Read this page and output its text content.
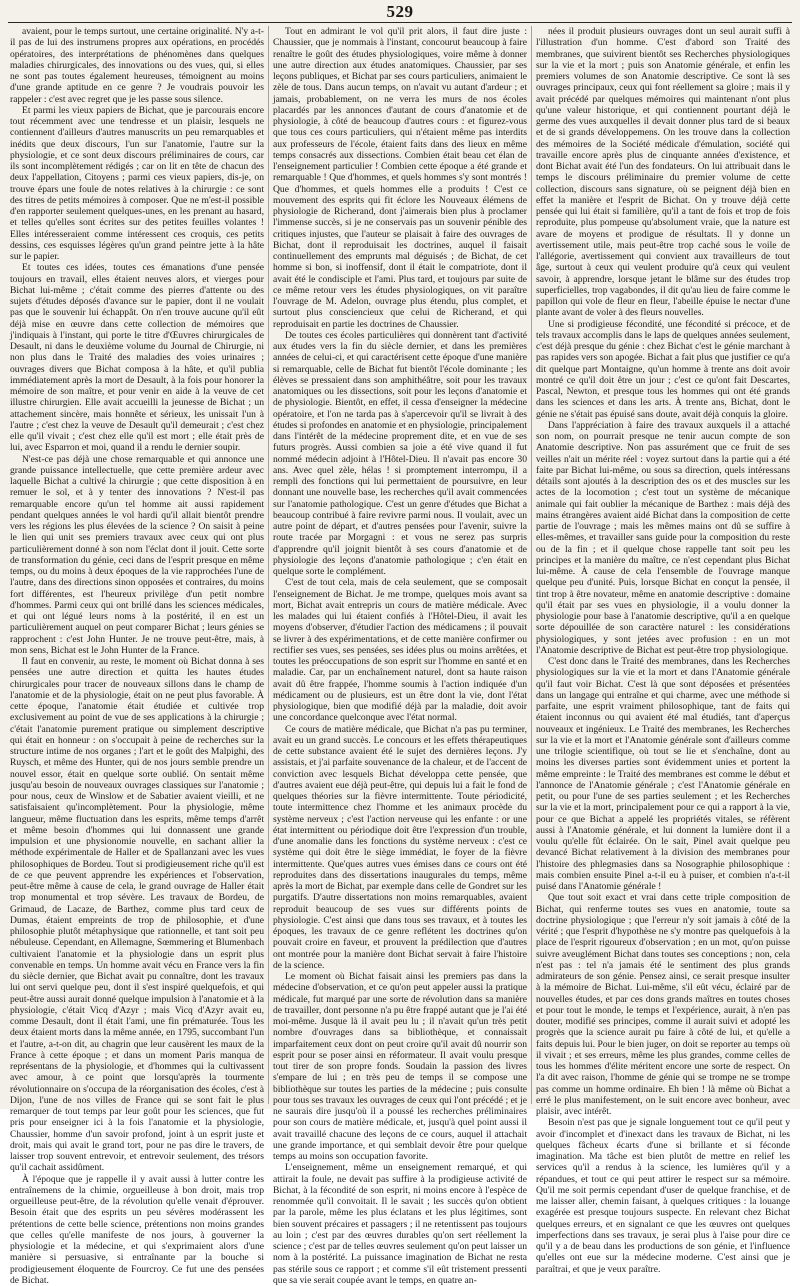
529

avaient, pour le temps surtout, une certaine originalité. N'y a-t-il pas de lui des instrumens propres aux opérations, en procédés opératoires, des interprétations de phénomènes dans quelques maladies chirurgicales, des innovations ou des vues, qui, si elles ne sont pas toutes également heureuses, témoignent au moins d'une grande aptitude en ce genre ? Je voudrais pouvoir les rappeler : c'est avec regret que je les passe sous silence.

Et parmi les vieux papiers de Bichat, que je parcourais encore tout récemment avec une tendresse et un plaisir, lesquels ne contiennent d'ailleurs d'autres manuscrits un peu remarquables et inédits que deux discours, l'un sur l'anatomie, l'autre sur la physiologie, et ce sont deux discours préliminaires de cours, car ils sont incomplètement rédigés ; car on lit en tête de chacun des deux l'appellation, Citoyens ; parmi ces vieux papiers, dis-je, on trouve épars une foule de notes relatives à la chirurgie : ce sont des titres de petits mémoires à composer. Que ne m'est-il possible d'en rapporter seulement quelques-unes, en les prenant au hasard, et telles qu'elles sont écrites sur des petites feuilles volantes ! Elles intéresseraient comme intéressent ces croquis, ces petits dessins, ces esquisses légères qu'un grand peintre jette à la hâte sur le papier.

Et toutes ces idées, toutes ces émanations d'une pensée toujours en travail, elles étaient neuves alors, et vierges pour Bichat lui-même ; c'était comme des pierres d'attente ou des sujets d'études déposés d'avance sur le papier, dont il ne voulait pas que le souvenir lui échappât. On n'en trouve aucune qu'il eût déjà mise en œuvre dans cette collection de mémoires que j'indiquais à l'instant, qui porte le titre d'Œuvres chirurgicales de Desault, ni dans le deuxième volume du Journal de Chirurgie, ni non plus dans le Traité des maladies des voies urinaires ; ouvrages divers que Bichat composa à la hâte, et qu'il publia immédiatement après la mort de Desault, à la fois pour honorer la mémoire de son maître, et pour venir en aide à la veuve de cet illustre chirurgien. Elle avait accueilli la jeunesse de Bichat ; un attachement sincère, mais honnête et sérieux, les unissait l'un à l'autre ; c'est chez la veuve de Desault qu'il demeurait ; c'est chez elle qu'il vivait ; c'est chez elle qu'il est mort ; elle était près de lui, avec Esparron et moi, quand il a rendu le dernier soupir.

N'est-ce pas déjà une chose remarquable et qui annonce une grande puissance intellectuelle, que cette première ardeur avec laquelle Bichat a cultivé la chirurgie ; que cette disposition à en remuer le sol, et à y tenter des innovations ? N'est-il pas remarquable encore qu'un tel homme ait aussi rapidement pendant quelques années le vol hardi qu'il allait bientôt prendre vers les régions les plus élevées de la science ? On saisit à peine le lien qui unit ses premiers travaux avec ceux qui ont plus particulièrement donné à son nom l'éclat dont il jouit. Cette sorte de transformation du génie, ceci dans de l'esprit presque en même temps, ou du moins à deux époques de la vie rapprochées l'une de l'autre, dans des directions sinon opposées et contraires, du moins fort différentes, est l'heureux privilège d'un petit nombre d'hommes. Parmi ceux qui ont brillé dans les sciences médicales, et qui ont légué leurs noms à la postérité, il en est un particulièrement auquel on peut comparer Bichat ; leurs génies se rapprochent : c'est John Hunter. Je ne trouve peut-être, mais, à mon sens, Bichat est le John Hunter de la France.

Il faut en convenir, au reste, le moment où Bichat donna à ses pensées une autre direction et quitta les hautes études chirurgicales pour tracer de nouveaux sillons dans le champ de l'anatomie et de la physiologie, était on ne peut plus favorable. À cette époque, l'anatomie était étudiée et cultivée trop exclusivement au point de vue de ses applications à la chirurgie ; c'était l'anatomie purement pratique ou simplement descriptive qui était en honneur : on s'occupait à peine de recherches sur la structure intime de nos organes ; l'art et le goût des Malpighi, des Ruysch, et même des Hunter, qui de nos jours semble prendre un nouvel essor, était en quelque sorte oublié. On sentait même jusqu'au besoin de nouveaux ouvrages classiques sur l'anatomie ; pour nous, ceux de Winslow et de Sabatier avaient vieilli, et ne satisfaisaient qu'incomplètement. Pour la physiologie, même langueur, même fluctuation dans les esprits, même temps d'arrêt et même besoin d'hommes qui lui donnassent une grande impulsion et une physionomie nouvelle, en sachant allier la méthode expérimentale de Haller et de Spallanzani avec les vues philosophiques de Bordeu. Tout si prodigieusement riche qu'il est de ce que peuvent apprendre les expériences et l'observation, peut-être même à cause de cela, le grand ouvrage de Haller était trop monumental et trop sévère. Les travaux de Bordeu, de Grimaud, de Lacaze, de Barthez, comme plus tard ceux de Dumas, étaient empreints de trop de philosophie, et d'une philosophie plutôt métaphysique que rationnelle, et tant soit peu nébuleuse. Cependant, en Allemagne, Sœmmering et Blumenbach cultivaient l'anatomie et la physiologie dans un esprit plus convenable en temps. Un homme avait vécu en France vers la fin du siècle dernier, que Bichat avait pu connaître, dont les travaux lui ont servi quelque peu, dont il s'est inspiré quelquefois, et qui peut-être aussi aurait donné quelque impulsion à l'anatomie et à la physiologie, c'était Vicq d'Azyr ; mais Vicq d'Azyr avait eu, comme Desault, dont il était l'ami, une fin prématurée. Tous les deux étaient morts dans la même année, en 1795, succombant l'un et l'autre, a-t-on dit, au chagrin que leur causèrent les maux de la France à cette époque ; et dans un moment Paris manqua de représentans de la physiologie, et d'hommes qui la cultivassent avec amour, à ce point que lorsqu'après la tourmente révolutionnaire on s'occupa de la réorganisation des écoles, c'est à Dijon, l'une de nos villes de France qui se sont fait le plus remarquer de tout temps par leur goût pour les sciences, que fut pris pour enseigner ici à la fois l'anatomie et la physiologie, Chaussier, homme d'un savoir profond, joint à un esprit juste et droit, mais qui avait le grand tort, pour ne pas dire le travers, de laisser trop souvent entrevoir, et entrevoir seulement, des trésors qu'il cachait assidûment.

À l'époque que je rappelle il y avait aussi à lutter contre les entraînemens de la chimie, orgueilleuse à bon droit, mais trop orgueilleuse peut-être, de la révolution qu'elle venait d'éprouver. Besoin était que des esprits un peu sévères modérassent les prétentions de cette belle science, prétentions non moins grandes que celles qu'elle manifeste de nos jours, à gouverner la physiologie et la médecine, et qui s'exprimaient alors d'une manière si persuasive, si entraînante par la bouche si prodigieusement éloquente de Fourcroy. Ce fut une des pensées de Bichat.

Tout en admirant le vol qu'il prit alors, il faut dire juste : Chaussier, que je nommais à l'instant, concourut beaucoup à faire renaître le goût des études physiologiques, voire même à donner une autre direction aux études anatomiques. Chaussier, par ses leçons publiques, et Bichat par ses cours particuliers, animaient le zèle de tous. Dans aucun temps, on n'avait vu autant d'ardeur ; et jamais, probablement, on ne verra les murs de nos écoles placardés par les annonces d'autant de cours d'anatomie et de physiologie, à côté de beaucoup d'autres cours : et figurez-vous que tous ces cours particuliers, qui n'étaient même pas interdits aux professeurs de l'école, étaient faits dans des lieux en même temps consacrés aux dissections. Combien était beau cet élan de l'enseignement particulier ! Combien cette époque a été grande et remarquable ! Que d'hommes, et quels hommes s'y sont montrés ! Que d'hommes, et quels hommes elle a produits ! C'est ce mouvement des esprits qui fit éclore les Nouveaux élémens de physiologie de Richerand, dont j'aimerais bien plus à proclamer l'immense succès, si je ne conservais pas un souvenir pénible des critiques injustes, que l'auteur se plaisait à faire des ouvrages de Bichat, dont il reproduisait les doctrines, auquel il faisait continuellement des emprunts mal déguisés ; de Bichat, de cet homme si bon, si inoffensif, dont il était le compatriote, dont il avait été le condisciple et l'ami. Plus tard, et toujours par suite de ce même retour vers les études physiologiques, on vit paraître l'ouvrage de M. Adelon, ouvrage plus étendu, plus complet, et surtout plus consciencieux que celui de Richerand, et qui reproduisait en partie les doctrines de Chaussier.

De toutes ces écoles particulières qui donnèrent tant d'activité aux études vers la fin du siècle dernier, et dans les premières années de celui-ci, et qui caractérisent cette époque d'une manière si remarquable, celle de Bichat fut bientôt l'école dominante ; les élèves se pressaient dans son amphithéâtre, soit pour les travaux anatomiques ou les dissections, soit pour les leçons d'anatomie et de physiologie. Bientôt, en effet, il cessa d'enseigner la médecine opératoire, et l'on ne tarda pas à s'apercevoir qu'il se livrait à des études si profondes en anatomie et en physiologie, principalement dans l'intérêt de la médecine proprement dite, et en vue de ses futurs progrès. Aussi combien sa joie a été vive quand il fut nommé médecin adjoint à l'Hôtel-Dieu. Il n'avait pas encore 30 ans. Avec quel zèle, hélas ! si promptement interrompu, il a rempli des fonctions qui lui permettaient de poursuivre, en leur donnant une nouvelle base, les recherches qu'il avait commencées sur l'anatomie pathologique. C'est un genre d'études que Bichat a beaucoup contribué à faire revivre parmi nous. Il voulait, avec un autre point de départ, et d'autres pensées pour l'avenir, suivre la route tracée par Morgagni : et vous ne serez pas surpris d'apprendre qu'il joignit bientôt à ses cours d'anatomie et de physiologie des leçons d'anatomie pathologique ; c'en était en quelque sorte le complément.

C'est de tout cela, mais de cela seulement, que se composait l'enseignement de Bichat. Je me trompe, quelques mois avant sa mort, Bichat avait entrepris un cours de matière médicale. Avec les malades qui lui étaient confiés à l'Hôtel-Dieu, il avait les moyens d'observer, d'étudier l'action des médicamens ; il pouvait se livrer à des expérimentations, et de cette manière confirmer ou rectifier ses vues, ses pensées, ses idées plus ou moins arrêtées, et toutes les préoccupations de son esprit sur l'homme en santé et en maladie. Car, par un enchaînement naturel, dont sa haute raison avait dû être frappée, l'homme soumis à l'action indiquée d'un médicament ou de plusieurs, est un être dont la vie, dont l'état physiologique, bien que modifié déjà par la maladie, doit avoir une concordance quelconque avec l'état normal.

Ce cours de matière médicale, que Bichat n'a pas pu terminer, avait eu un grand succès. Le concours et les effets thérapeutiques de cette substance avaient été le sujet des dernières leçons. J'y assistais, et j'ai parfaite souvenance de la chaleur, et de l'accent de conviction avec lesquels Bichat développa cette pensée, que d'autres avaient eue déjà peut-être, qui depuis lui a fait le fond de quelques théories sur la fièvre intermittente. Toute périodicité, toute intermittence chez l'homme et les animaux procède du système nerveux ; c'est l'action nerveuse qui les enfante : or une état intermittent ou périodique doit être l'expression d'un trouble, d'une anomalie dans les fonctions du système nerveux : c'est ce système qui doit être le siège immédiat, le foyer de la fièvre intermittente. Que'ques autres vues émises dans ce cours ont été reproduites dans des dissertations inaugurales du temps, même après la mort de Bichat, par exemple dans celle de Gondret sur les purgatifs. D'autre dissertations non moins remarquables, avaient reproduit beaucoup de ses vues sur différents points de physiologie. C'est ainsi que dans tous ses travaux, et à toutes les époques, les travaux de ce genre reflétent les doctrines qu'on pouvait croire en faveur, et prouvent la prédilection que d'autres ont montrée pour la manière dont Bichat servait à faire l'histoire de la science.

Le moment où Bichat faisait ainsi les premiers pas dans la médecine d'observation, et ce qu'on peut appeler aussi la pratique médicale, fut marqué par une sorte de révolution dans sa manière de travailler, dont personne n'a pu être frappé autant que je l'ai été moi-même. Jusque là il avait peu lu ; il n'avait qu'un très petit nombre d'ouvrages dans sa bibliothèque, et connaissait imparfaitement ceux dont on peut croire qu'il avait dû nourrir son esprit pour se poser ainsi en réformateur. Il avait voulu presque tout tirer de son propre fonds. Soudain la passion des livres s'empare de lui ; en très peu de temps il se compose une bibliothèque sur toutes les parties de la médecine ; puis consulte pour tous ses travaux les ouvrages de ceux qui l'ont précédé ; et je ne saurais dire jusqu'où il a poussé les recherches préliminaires pour son cours de matière médicale, et, jusqu'à quel point aussi il avait travaillé chacune des leçons de ce cours, auquel il attachait une grande importance, et qui semblait devoir être pour quelque temps au moins son occupation favorite.

L'enseignement, même un enseignement remarqué, et qui attirait la foule, ne devait pas suffire à la prodigieuse activité de Bichat, à la fécondité de son esprit, ni moins encore à l'espèce de renommée qu'il convoitait. Il le savait ; les succès qu'on obtient par la parole, même les plus éclatans et les plus légitimes, sont bien souvent précaires et passagers ; il ne retentissent pas toujours au loin ; c'est par des œuvres durables qu'on sert réellement la science ; c'est par de telles œuvres seulement qu'on peut laisser un nom à la postérité. La puissance imagination de Bichat ne resta pas stérile sous ce rapport ; et comme s'il eût tristement pressenti que sa vie serait coupée avant le temps, en quatre an-

nées il produit plusieurs ouvrages dont un seul aurait suffi à l'illustration d'un homme. C'est d'abord son Traité des membranes, que suivirent bientôt ses Recherches physiologiques sur la vie et la mort ; puis son Anatomie générale, et enfin les premiers volumes de son Anatomie descriptive. Ce sont là ses ouvrages principaux, ceux qui font réellement sa gloire ; mais il y avait précédé par quelques mémoires qui maintenant n'ont plus qu'une valeur historique, et qui contiennent pourtant déjà le germe des vues auxquelles il devait donner plus tard de si beaux et de si grands développemens. On les trouve dans la collection des mémoires de la Société médicale d'émulation, société qui travaille encore après plus de cinquante années d'existence, et dont Bichat avait été l'un des fondateurs. On lui attribuait dans le temps le discours préliminaire du premier volume de cette collection, discours sans signature, où se peignent déjà bien en effet la manière et l'esprit de Bichat. On y trouve déjà cette pensée qui lui était si familière, qu'il a tant de fois et trop de fois reproduite, plus pompeuse qu'absolument vraie, que la nature est avare de moyens et prodigue de résultats. Il y donne un avertissement utile, mais peut-être trop caché sous le voile de l'allégorie, avertissement qui convient aux travailleurs de tout âge, surtout à ceux qui veulent produire qu'à ceux qui veulent savoir, à apprendre, lorsque jetant le blâme sur des études trop superficielles, trop vagabondes, il dit qu'au lieu de faire comme le papillon qui vole de fleur en fleur, l'abeille épuise le nectar d'une plante avant de voler à des fleurs nouvelles.

Une si prodigieuse fécondité, une fécondité si précoce, et de tels travaux accomplis dans le laps de quelques années seulement, c'est déjà presque du génie : chez Bichat c'est le génie marchant à pas rapides vers son apogée. Bichat a fait plus que justifier ce qu'a dit quelque part Montaigne, qu'un homme à trente ans doit avoir montré ce qu'il doit être un jour ; c'est ce qu'ont fait Descartes, Pascal, Newton, et presque tous les hommes qui ont été grands dans les sciences et dans les arts. À trente ans, Bichat, dont le génie ne s'était pas épuisé sans doute, avait déjà conquis la gloire.

Dans l'appréciation à faire des travaux auxquels il a attaché son nom, on pourrait presque ne tenir aucun compte de son Anatomie descriptive. Non pas assurément que ce fruit de ses veilles n'ait un mérite réel : voyez surtout dans la partie qui a été faite par Bichat lui-même, ou sous sa direction, quels intéressans détails sont ajoutés à la description des os et des muscles sur les actes de la locomotion ; c'est tout un système de mécanique animale qui fait oublier la mécanique de Barthez : mais déjà des mains étrangères avaient aidé Bichat dans la composition de cette partie de l'ouvrage ; mais les mêmes mains ont dû se suffire à elles-mêmes, et travailler sans guide pour la composition du reste ou de la fin ; et il quelque chose rappelle tant soit peu les principes et la manière du maître, ce n'est cependant plus Bichat lui-même. À cause de cela l'ensemble de l'ouvrage manque quelque peu d'unité. Puis, lorsque Bichat en conçut la pensée, il tint trop à être novateur, même en anatomie descriptive : domaine qu'il était par ses vues en physiologie, il a voulu donner la physiologie pour base à l'anatomie descriptive, qu'il a en quelque sorte dépouillée de son caractère naturel : les considérations physiologiques, y sont jetées avec profusion : en un mot l'Anatomie descriptive de Bichat est peut-être trop physiologique.

C'est donc dans le Traité des membranes, dans les Recherches physiologiques sur la vie et la mort et dans l'Anatomie générale qu'il faut voir Bichat. C'est là que sont déposées et présentées dans un langage qui entraîne et qui charme, avec une méthode si parfaite, une esprit vraiment philosophique, tant de faits qui étaient inconnus ou qui avaient été mal étudiés, tant d'aperçus nouveaux et ingénieux. Le Traité des membranes, les Recherches sur la vie et la mort et l'Anatomie générale sont d'ailleurs comme une trilogie scientifique, où tout se lie et s'enchaîne, dont au moins les diverses parties sont évidemment unies et portent la même empreinte : le Traité des membranes est comme le début et l'annonce de l'Anatomie générale ; c'est l'Anatomie générale en petit, ou pour l'une de ses parties seulement ; et les Recherches sur la vie et la mort, principalement pour ce qui a rapport à la vie, pour ce que Bichat a appelé les propriétés vitales, se réfèrent aussi à l'Anatomie générale, et lui donnent la lumière dont il a voulu qu'elle fût éclairée. On le sait, Pinel avait quelque peu devancé Bichat relativement à la division des membranes pour l'histoire des phlegmasies dans sa Nosographie philosophique : mais combien ensuite Pinel a-t-il eu à puiser, et combien n'a-t-il puisé dans l'Anatomie générale !

Que tout soit exact et vrai dans cette triple composition de Bichat, qui renferme toutes ses vues en anatomie, toute sa doctrine physiologique ; que l'erreur n'y soit jamais à côté de la vérité ; que l'esprit d'hypothèse ne s'y montre pas quelquefois à la place de l'esprit rigoureux d'observation ; en un mot, qu'on puisse suivre aveuglément Bichat dans toutes ses conceptions ; non, cela n'est pas : tel n'a jamais été le sentiment des plus grands admirateurs de son génie. Pensez ainsi, ce serait presque insulter à la mémoire de Bichat. Lui-même, s'il eût vécu, éclairé par de nouvelles études, et par ces dons grands maîtres en toutes choses et pour tout le monde, le temps et l'expérience, aurait, à n'en pas douter, modifié ses principes, comme il aurait suivi et adopté les progrès que la science aurait pu faire à côté de lui, et qu'elle a faits depuis lui. Pour le bien juger, on doit se reporter au temps où il vivait ; et ses erreurs, même les plus grandes, comme celles de tous les hommes d'élite méritent encore une sorte de respect. On l'a dit avec raison, l'homme de génie qui se trompe ne se trompe pas comme un homme ordinaire. Eh bien ! là même où Bichat a erré le plus manifestement, on le suit encore avec bonheur, avec plaisir, avec intérêt.

Besoin n'est pas que je signale longuement tout ce qu'il peut y avoir d'incomplet et d'inexact dans les travaux de Bichat, ni les quelques fâcheux écarts d'une si brillante et si féconde imagination. Ma tâche est bien plutôt de mettre en relief les services qu'il a rendus à la science, les lumières qu'il y a répandues, et tout ce qui peut attirer le respect sur sa mémoire. Qu'il me soit permis cependant d'user de quelque franchise, et de me laisser aller, chemin faisant, à quelques critiques : la louange exagérée est presque toujours suspecte. En relevant chez Bichat quelques erreurs, et en signalant ce que les œuvres ont quelques imperfections dans ses travaux, je serai plus à l'aise pour dire ce qu'il y a de beau dans les productions de son génie, et l'influence qu'elles ont eue sur la médecine moderne. C'est ainsi que je paraîtrai, et que je veux paraître.
